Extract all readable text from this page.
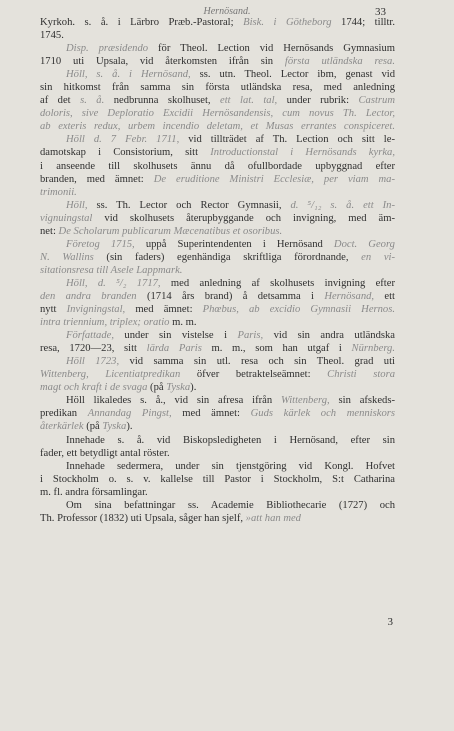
Hernösand.	33
Kyrkoh. s. å. i Lärbro Præb.-Pastoral; Bisk. i Götheborg 1744; tilltr.
1745.
Disp. præsidendo för Theol. Lection vid Hernösands Gymnasium
1710 uti Upsala, vid återkomsten ifrån sin första utländska resa.
Höll, s. å. i Hernösand, ss. utn. Theol. Lector ibm, genast vid
sin hitkomst från samma sin första utländska resa, med anledning
af det s. å. nedbrunna skolhuset, ett lat. tal, under rubrik: Castrum
doloris, sive Deploratio Excidii Hernösandensis, cum novus Th. Lector,
ab exteris redux, urbem incendio deletam, et Musas errantes conspiceret.
Höll d. 7 Febr. 1711, vid tillträdet af Th. Lection och sitt le-
damotskap i Consistorium, sitt Introductionstal i Hernösands kyrka,
i anseende till skolhusets ännu då ofullbordade upbyggnad efter
branden, med ämnet: De eruditione Ministri Ecclesiæ, per viam ma-
trimonii.
Höll, ss. Th. Lector och Rector Gymnasii, d. ⁵/₁₂ s. å. ett In-
vignuingstal vid skolhusets återupbyggande och invigning, med äm-
net: De Scholarum publicarum Mæcenatibus et osoribus.
Företog 1715, uppå Superintendenten i Hernösand Doct. Georg
N. Wallins (sin faders) egenhändiga skriftliga förordnande, en vi-
sitationsresa till Asele Lappmark.
Höll, d. ⁵/₂ 1717, med anledning af skolhusets invigning efter
den andra branden (1714 års brand) å detsamma i Hernösand, ett
nytt Invigningstal, med ämnet: Phœbus, ab excidio Gymnasii Hernos.
intra triennium, triplex; oratio m. m.
Författade, under sin vistelse i Paris, vid sin andra utländska
resa, 1720—23, sitt lärda Paris m. m., som han utgaf i Nürnberg.
Höll 1723, vid samma sin utl. resa och sin Theol. grad uti
Wittenberg, Licentiatpredikan öfver betraktelseämnet: Christi stora
magt och kraft i de svaga (på Tyska).
Höll likaledes s. å., vid sin afresa ifrån Wittenberg, sin afskeds-
predikan Annandag Pingst, med ämnet: Guds kärlek och menniskors
återkärlek (på Tyska).
Innehade s. å. vid Biskopsledigheten i Hernösand, efter sin
fader, ett betydligt antal röster.
Innehade sedermera, under sin tjenstgöring vid Kongl. Hofvet
i Stockholm o. s. v. kallelse till Pastor i Stockholm, S:t Catharina
m. fl. andra församlingar.
Om sina befattningar ss. Academie Bibliothecarie (1727) och
Th. Professor (1832) uti Upsala, såger han sjelf, »att han med
3
